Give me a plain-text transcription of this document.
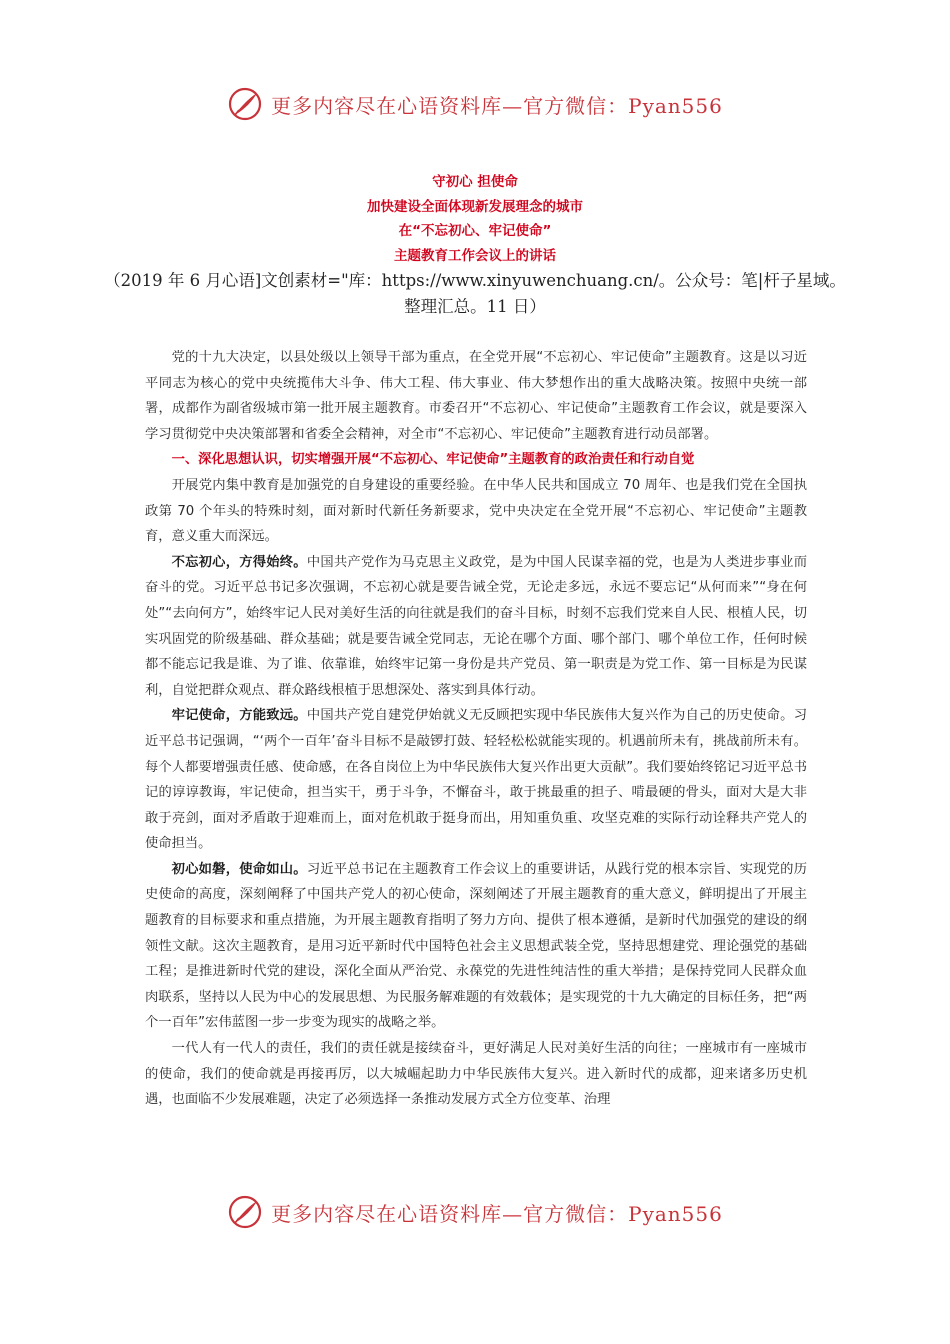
更多内容尽在心语资料库—官方微信：Pyan556
守初心 担使命
加快建设全面体现新发展理念的城市
在“不忘初心、牢记使命”
主题教育工作会议上的讲话
（2019 年 6 月心语]文创素材="库：https://www.xinyuwenchuang.cn/。公众号：笔|杆子星域。整理汇总。11 日）

党的十九大决定，以县处级以上领导干部为重点，在全党开展“不忘初心、牢记使命”主题教育。这是以习近平同志为核心的党中央统揽伟大斗争、伟大工程、伟大事业、伟大梦想作出的重大战略决策。按照中央统一部署，成都作为副省级城市第一批开展主题教育。市委召开“不忘初心、牢记使命”主题教育工作会议，就是要深入学习贯彻党中央决策部署和省委全会精神，对全市“不忘初心、牢记使命”主题教育进行动员部署。

一、深化思想认识，切实增强开展“不忘初心、牢记使命”主题教育的政治责任和行动自觉

开展党内集中教育是加强党的自身建设的重要经验。在中华人民共和国成立 70 周年、也是我们党在全国执政第 70 个年头的特殊时刻，面对新时代新任务新要求，党中央决定在全党开展“不忘初心、牢记使命”主题教育，意义重大而深远。

不忘初心，方得始终。中国共产党作为马克思主义政党，是为中国人民谋幸福的党，也是为人类进步事业而奋斗的党。习近平总书记多次强调，不忘初心就是要告诫全党，无论走多远，永远不要忘记“从何而来”“身在何处”“去向何方”，始终牢记人民对美好生活的向往就是我们的奋斗目标，时刻不忘我们党来自人民、根植人民，切实巩固党的阶级基础、群众基础；就是要告诫全党同志，无论在哪个方面、哪个部门、哪个单位工作，任何时候都不能忘记我是谁、为了谁、依靠谁，始终牢记第一身份是共产党员、第一职责是为党工作、第一目标是为民谋利，自觉把群众观点、群众路线根植于思想深处、落实到具体行动。

牢记使命，方能致远。中国共产党自建党伊始就义无反顾把实现中华民族伟大复兴作为自己的历史使命。习近平总书记强调，“‘两个一百年’奋斗目标不是敲锣打鼓、轻轻松松就能实现的。机遇前所未有，挑战前所未有。每个人都要增强责任感、使命感，在各自岗位上为中华民族伟大复兴作出更大贡献”。我们要始终铭记习近平总书记的谆谆教诲，牢记使命，担当实干，勇于斗争，不懈奋斗，敢于挑最重的担子、啃最硬的骨头，面对大是大非敢于亮剑，面对矛盾敢于迎难而上，面对危机敢于挺身而出，用知重负重、攻坚克难的实际行动诠释共产党人的使命担当。

初心如磐，使命如山。习近平总书记在主题教育工作会议上的重要讲话，从践行党的根本宗旨、实现党的历史使命的高度，深刻阐释了中国共产党人的初心使命，深刻阐述了开展主题教育的重大意义，鲜明提出了开展主题教育的目标要求和重点措施，为开展主题教育指明了努力方向、提供了根本遵循，是新时代加强党的建设的纲领性文献。这次主题教育，是用习近平新时代中国特色社会主义思想武装全党，坚持思想建党、理论强党的基础工程；是推进新时代党的建设，深化全面从严治党、永葆党的先进性纯洁性的重大举措；是保持党同人民群众血肉联系，坚持以人民为中心的发展思想、为民服务解难题的有效载体；是实现党的十九大确定的目标任务，把“两个一百年”宏伟蓝图一步一步变为现实的战略之举。

一代人有一代人的责任，我们的责任就是接续奋斗，更好满足人民对美好生活的向往；一座城市有一座城市的使命，我们的使命就是再接再厉，以大城崛起助力中华民族伟大复兴。进入新时代的成都，迎来诸多历史机遇，也面临不少发展难题，决定了必须选择一条推动发展方式全方位变革、治理

更多内容尽在心语资料库—官方微信：Pyan556
